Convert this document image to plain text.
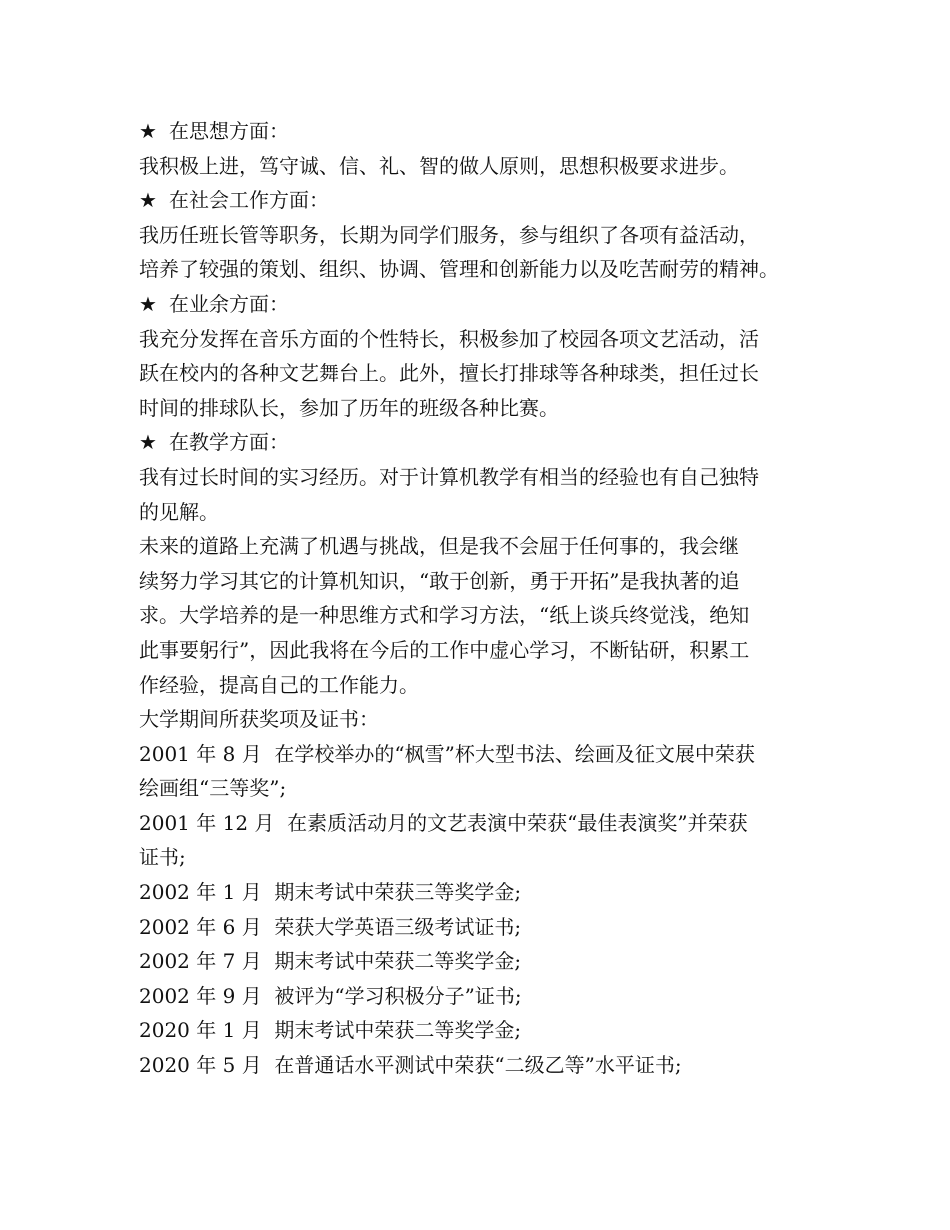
★ 在思想方面：
我积极上进，笃守诚、信、礼、智的做人原则，思想积极要求进步。
★ 在社会工作方面：
我历任班长管等职务，长期为同学们服务，参与组织了各项有益活动，
培养了较强的策划、组织、协调、管理和创新能力以及吃苦耐劳的精神。
★ 在业余方面：
我充分发挥在音乐方面的个性特长，积极参加了校园各项文艺活动，活
跃在校内的各种文艺舞台上。此外，擅长打排球等各种球类，担任过长
时间的排球队长，参加了历年的班级各种比赛。
★ 在教学方面：
我有过长时间的实习经历。对于计算机教学有相当的经验也有自己独特
的见解。
未来的道路上充满了机遇与挑战，但是我不会屈于任何事的，我会继
续努力学习其它的计算机知识，“敢于创新，勇于开拓”是我执著的追
求。大学培养的是一种思维方式和学习方法，“纸上谈兵终觉浅，绝知
此事要躬行”，因此我将在今后的工作中虚心学习，不断钻研，积累工
作经验，提高自己的工作能力。
大学期间所获奖项及证书：
2001 年 8 月  在学校举办的“枫雪”杯大型书法、绘画及征文展中荣获
绘画组“三等奖”;
2001 年 12 月  在素质活动月的文艺表演中荣获“最佳表演奖”并荣获
证书;
2002 年 1 月  期末考试中荣获三等奖学金;
2002 年 6 月  荣获大学英语三级考试证书;
2002 年 7 月  期末考试中荣获二等奖学金;
2002 年 9 月  被评为“学习积极分子”证书;
2020 年 1 月  期末考试中荣获二等奖学金;
2020 年 5 月  在普通话水平测试中荣获“二级乙等”水平证书;
